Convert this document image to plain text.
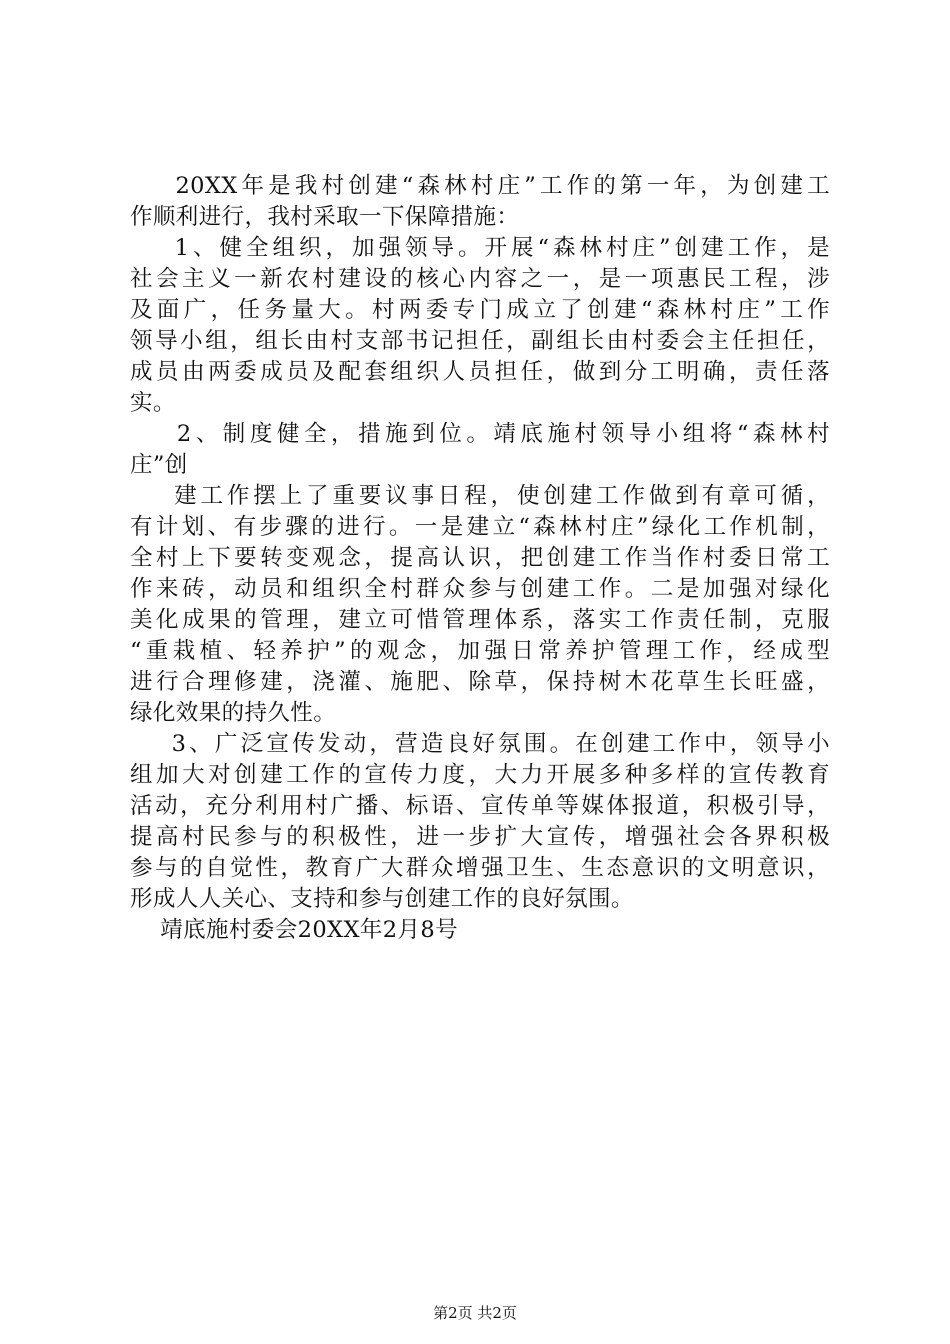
20XX年是我村创建“森林村庄”工作的第一年，为创建工
作顺利进行，我村采取一下保障措施：
1、健全组织，加强领导。开展“森林村庄”创建工作，是
社会主义一新农村建设的核心内容之一，是一项惠民工程，涉
及面广，任务量大。村两委专门成立了创建“森林村庄”工作
领导小组，组长由村支部书记担任，副组长由村委会主任担任，
成员由两委成员及配套组织人员担任，做到分工明确，责任落
实。
2、制度健全，措施到位。靖底施村领导小组将“森林村
庄”创
建工作摆上了重要议事日程，使创建工作做到有章可循，
有计划、有步骤的进行。一是建立“森林村庄”绿化工作机制，
全村上下要转变观念，提高认识，把创建工作当作村委日常工
作来砖，动员和组织全村群众参与创建工作。二是加强对绿化
美化成果的管理，建立可惜管理体系，落实工作责任制，克服
“重栽植、轻养护”的观念，加强日常养护管理工作，经成型
进行合理修建，浇灌、施肥、除草，保持树木花草生长旺盛，
绿化效果的持久性。
3、广泛宣传发动，营造良好氛围。在创建工作中，领导小
组加大对创建工作的宣传力度，大力开展多种多样的宣传教育
活动，充分利用村广播、标语、宣传单等媒体报道，积极引导，
提高村民参与的积极性，进一步扩大宣传，增强社会各界积极
参与的自觉性，教育广大群众增强卫生、生态意识的文明意识，
形成人人关心、支持和参与创建工作的良好氛围。
靖底施村委会20XX年2月8号
第2页 共2页
